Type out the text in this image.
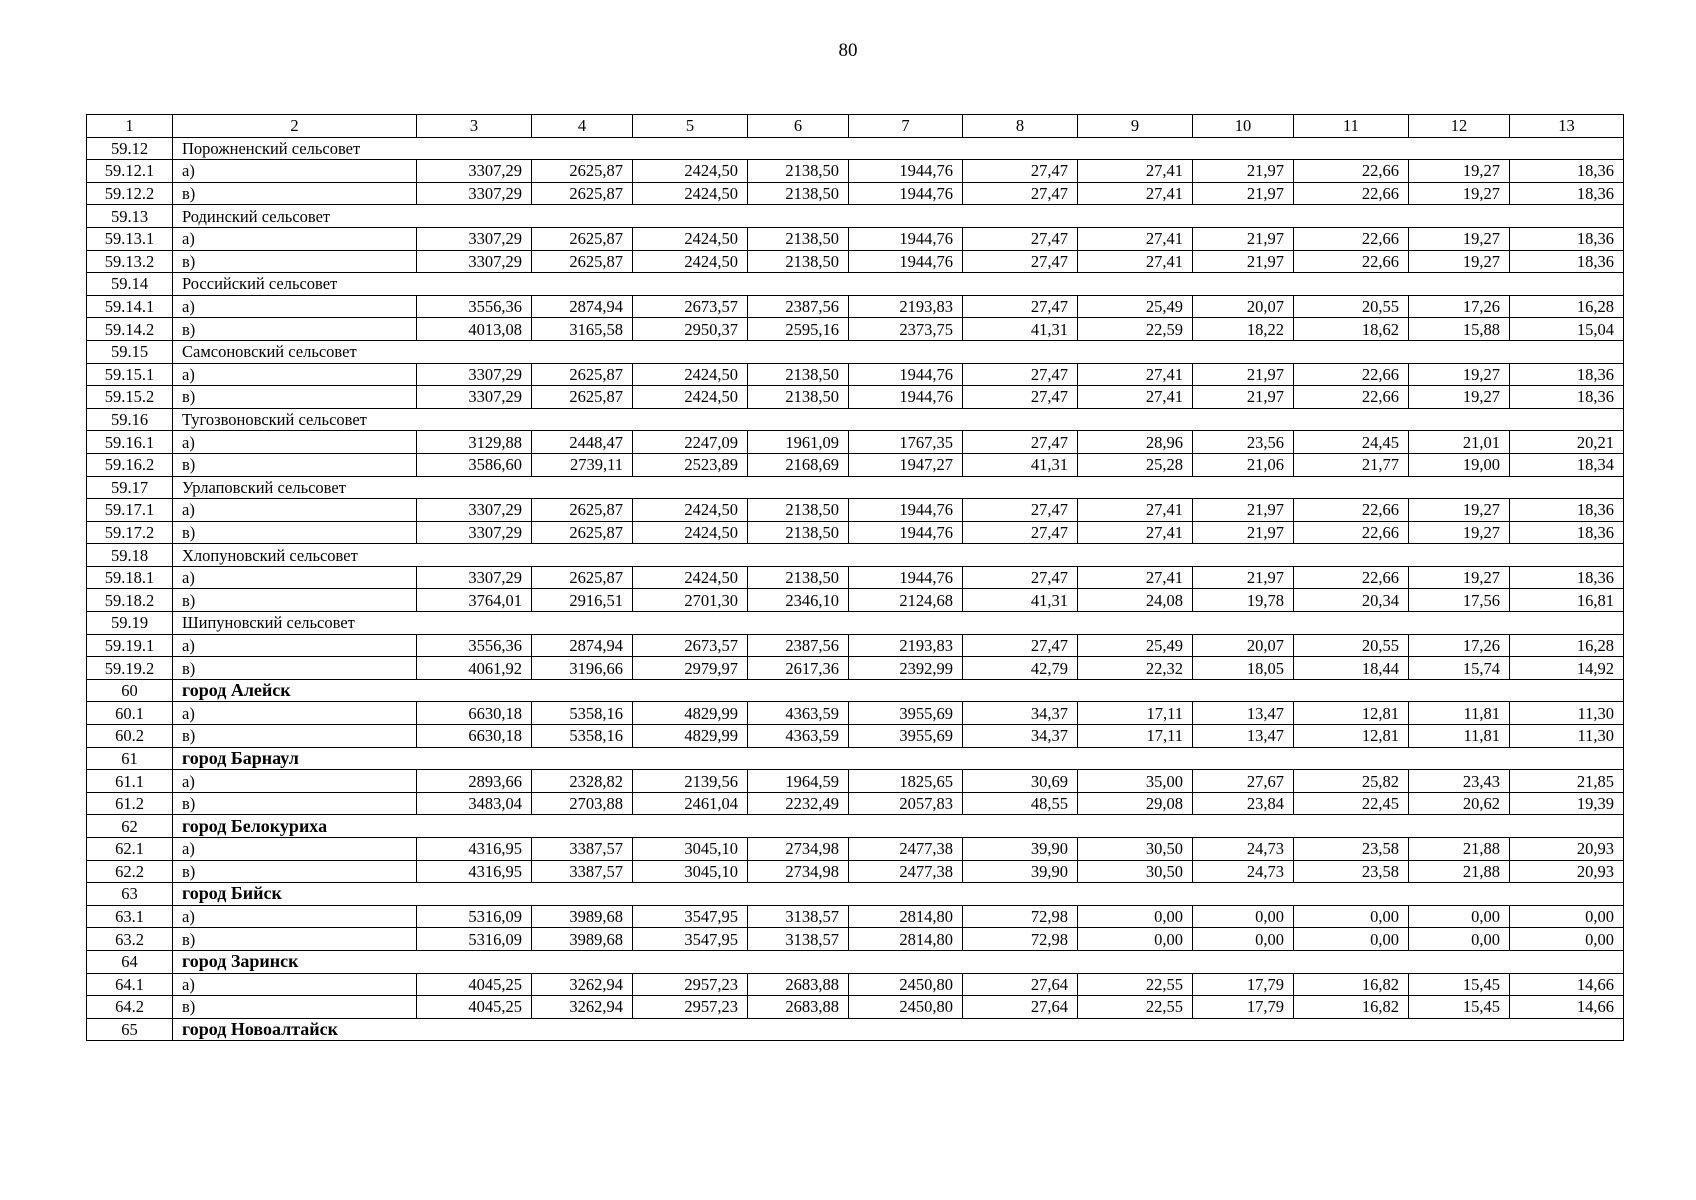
80
1	2	3	4	5	6	7	8	9	10	11	12	13
59.12	Порожненский сельсовет											
59.12.1	а)	3307,29	2625,87	2424,50	2138,50	1944,76	27,47	27,41	21,97	22,66	19,27	18,36
59.12.2	в)	3307,29	2625,87	2424,50	2138,50	1944,76	27,47	27,41	21,97	22,66	19,27	18,36
59.13	Родинский сельсовет											
59.13.1	а)	3307,29	2625,87	2424,50	2138,50	1944,76	27,47	27,41	21,97	22,66	19,27	18,36
59.13.2	в)	3307,29	2625,87	2424,50	2138,50	1944,76	27,47	27,41	21,97	22,66	19,27	18,36
59.14	Российский сельсовет											
59.14.1	а)	3556,36	2874,94	2673,57	2387,56	2193,83	27,47	25,49	20,07	20,55	17,26	16,28
59.14.2	в)	4013,08	3165,58	2950,37	2595,16	2373,75	41,31	22,59	18,22	18,62	15,88	15,04
59.15	Самсоновский сельсовет											
59.15.1	а)	3307,29	2625,87	2424,50	2138,50	1944,76	27,47	27,41	21,97	22,66	19,27	18,36
59.15.2	в)	3307,29	2625,87	2424,50	2138,50	1944,76	27,47	27,41	21,97	22,66	19,27	18,36
59.16	Тугозвоновский сельсовет											
59.16.1	а)	3129,88	2448,47	2247,09	1961,09	1767,35	27,47	28,96	23,56	24,45	21,01	20,21
59.16.2	в)	3586,60	2739,11	2523,89	2168,69	1947,27	41,31	25,28	21,06	21,77	19,00	18,34
59.17	Урлаповский сельсовет											
59.17.1	а)	3307,29	2625,87	2424,50	2138,50	1944,76	27,47	27,41	21,97	22,66	19,27	18,36
59.17.2	в)	3307,29	2625,87	2424,50	2138,50	1944,76	27,47	27,41	21,97	22,66	19,27	18,36
59.18	Хлопуновский сельсовет											
59.18.1	а)	3307,29	2625,87	2424,50	2138,50	1944,76	27,47	27,41	21,97	22,66	19,27	18,36
59.18.2	в)	3764,01	2916,51	2701,30	2346,10	2124,68	41,31	24,08	19,78	20,34	17,56	16,81
59.19	Шипуновский сельсовет											
59.19.1	а)	3556,36	2874,94	2673,57	2387,56	2193,83	27,47	25,49	20,07	20,55	17,26	16,28
59.19.2	в)	4061,92	3196,66	2979,97	2617,36	2392,99	42,79	22,32	18,05	18,44	15,74	14,92
60	город Алейск											
60.1	а)	6630,18	5358,16	4829,99	4363,59	3955,69	34,37	17,11	13,47	12,81	11,81	11,30
60.2	в)	6630,18	5358,16	4829,99	4363,59	3955,69	34,37	17,11	13,47	12,81	11,81	11,30
61	город Барнаул											
61.1	а)	2893,66	2328,82	2139,56	1964,59	1825,65	30,69	35,00	27,67	25,82	23,43	21,85
61.2	в)	3483,04	2703,88	2461,04	2232,49	2057,83	48,55	29,08	23,84	22,45	20,62	19,39
62	город Белокуриха											
62.1	а)	4316,95	3387,57	3045,10	2734,98	2477,38	39,90	30,50	24,73	23,58	21,88	20,93
62.2	в)	4316,95	3387,57	3045,10	2734,98	2477,38	39,90	30,50	24,73	23,58	21,88	20,93
63	город Бийск											
63.1	а)	5316,09	3989,68	3547,95	3138,57	2814,80	72,98	0,00	0,00	0,00	0,00	0,00
63.2	в)	5316,09	3989,68	3547,95	3138,57	2814,80	72,98	0,00	0,00	0,00	0,00	0,00
64	город Заринск											
64.1	а)	4045,25	3262,94	2957,23	2683,88	2450,80	27,64	22,55	17,79	16,82	15,45	14,66
64.2	в)	4045,25	3262,94	2957,23	2683,88	2450,80	27,64	22,55	17,79	16,82	15,45	14,66
65	город Новоалтайск											
